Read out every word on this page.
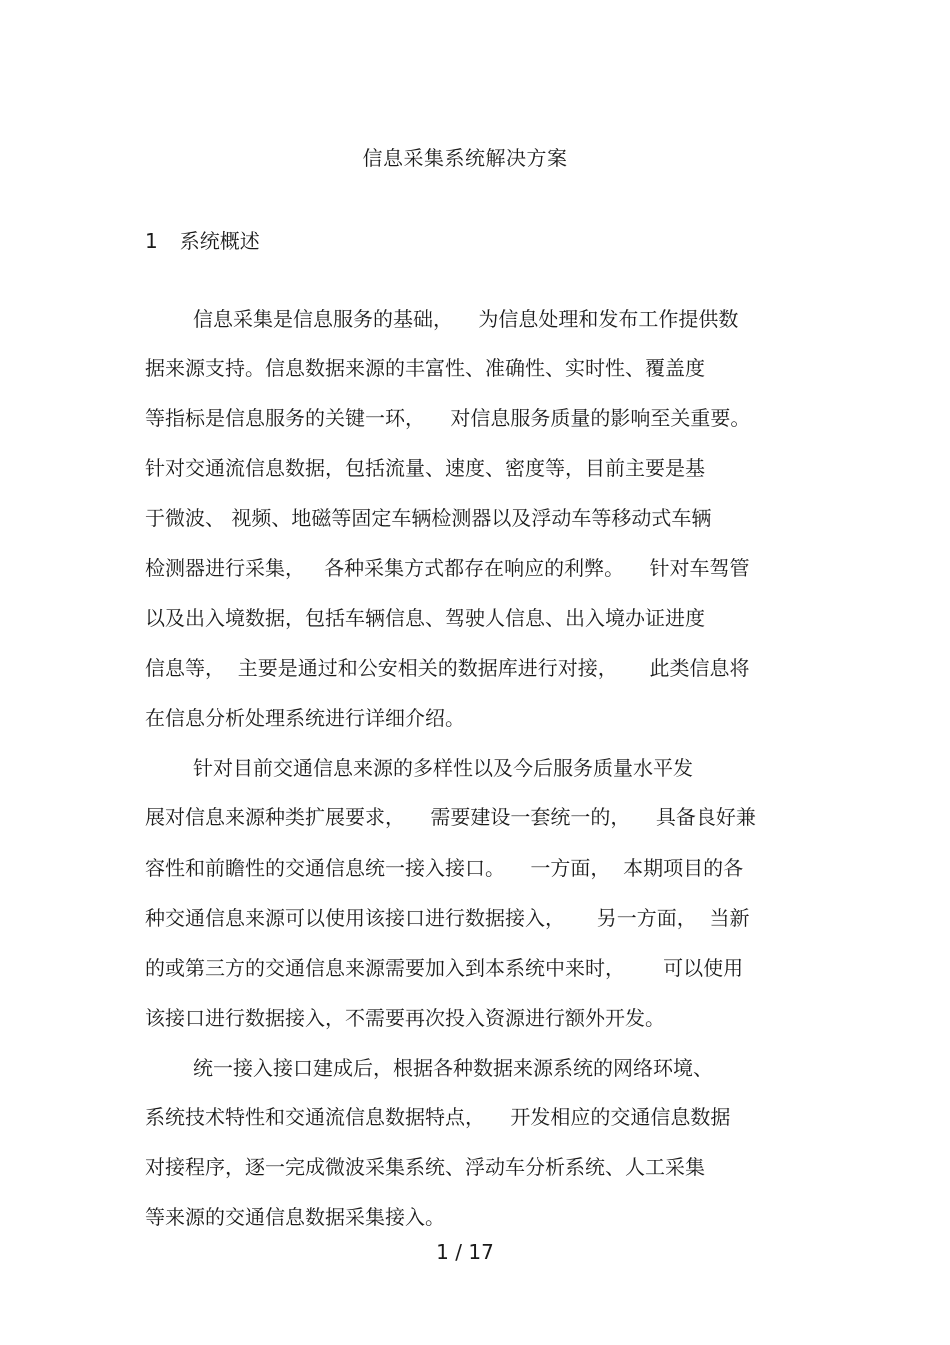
信息采集系统解决方案
1 系统概述
信息采集是信息服务的基础，    为信息处理和发布工作提供数
据来源支持。信息数据来源的丰富性、准确性、实时性、覆盖度
等指标是信息服务的关键一环，    对信息服务质量的影响至关重要。
针对交通流信息数据，包括流量、速度、密度等，目前主要是基
于微波、 视频、地磁等固定车辆检测器以及浮动车等移动式车辆
检测器进行采集，   各种采集方式都存在响应的利弊。    针对车驾管
以及出入境数据，包括车辆信息、驾驶人信息、出入境办证进度
信息等，  主要是通过和公安相关的数据库进行对接，     此类信息将
在信息分析处理系统进行详细介绍。
针对目前交通信息来源的多样性以及今后服务质量水平发
展对信息来源种类扩展要求，    需要建设一套统一的，    具备良好兼
容性和前瞻性的交通信息统一接入接口。    一方面，  本期项目的各
种交通信息来源可以使用该接口进行数据接入，     另一方面，  当新
的或第三方的交通信息来源需要加入到本系统中来时，      可以使用
该接口进行数据接入，不需要再次投入资源进行额外开发。
统一接入接口建成后，根据各种数据来源系统的网络环境、
系统技术特性和交通流信息数据特点，    开发相应的交通信息数据
对接程序，逐一完成微波采集系统、浮动车分析系统、人工采集
等来源的交通信息数据采集接入。
1 / 17
